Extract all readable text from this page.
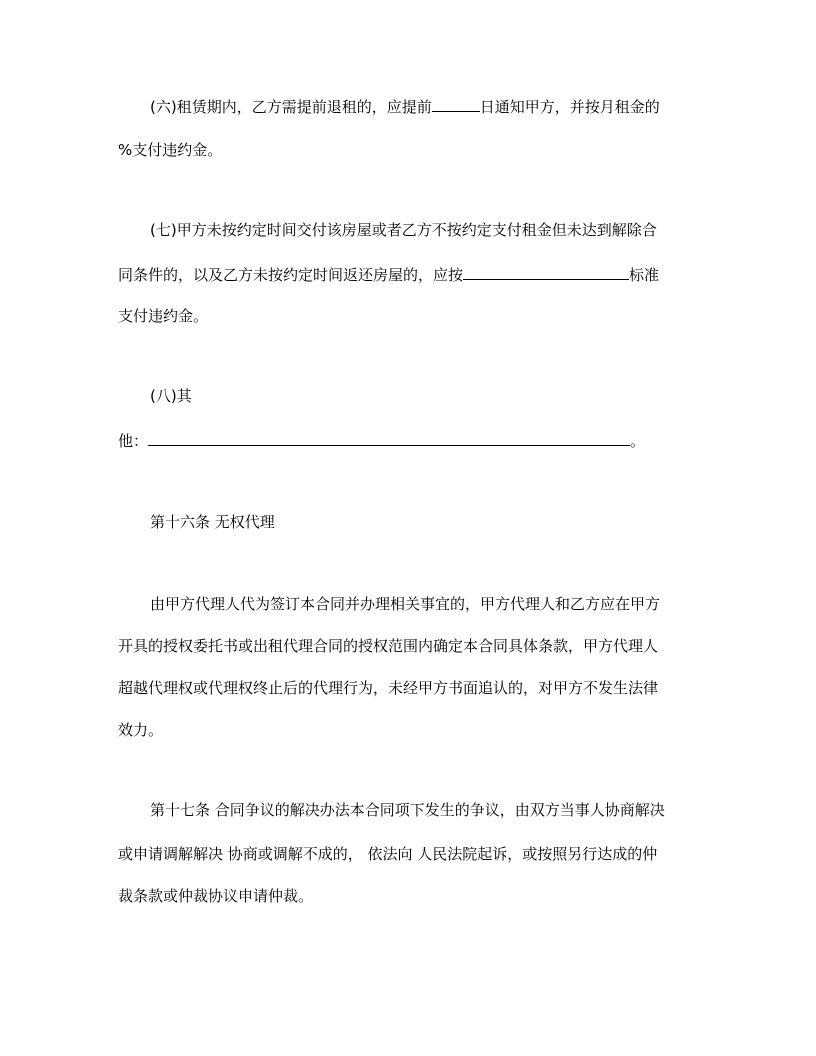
(六)租赁期内，乙方需提前退租的，应提前	日通知甲方，并按月租金的
%支付违约金。
(七)甲方未按约定时间交付该房屋或者乙方不按约定支付租金但未达到解除合
同条件的，以及乙方未按约定时间返还房屋的，应按	标准
支付违约金。
(八)其
他：	。
第十六条 无权代理
由甲方代理人代为签订本合同并办理相关事宜的，甲方代理人和乙方应在甲方
开具的授权委托书或出租代理合同的授权范围内确定本合同具体条款，甲方代理人
超越代理权或代理权终止后的代理行为，未经甲方书面追认的，对甲方不发生法律
效力。
第十七条 合同争议的解决办法本合同项下发生的争议，由双方当事人协商解决
或申请调解解决 协商或调解不成的， 依法向 人民法院起诉，或按照另行达成的仲
裁条款或仲裁协议申请仲裁。
